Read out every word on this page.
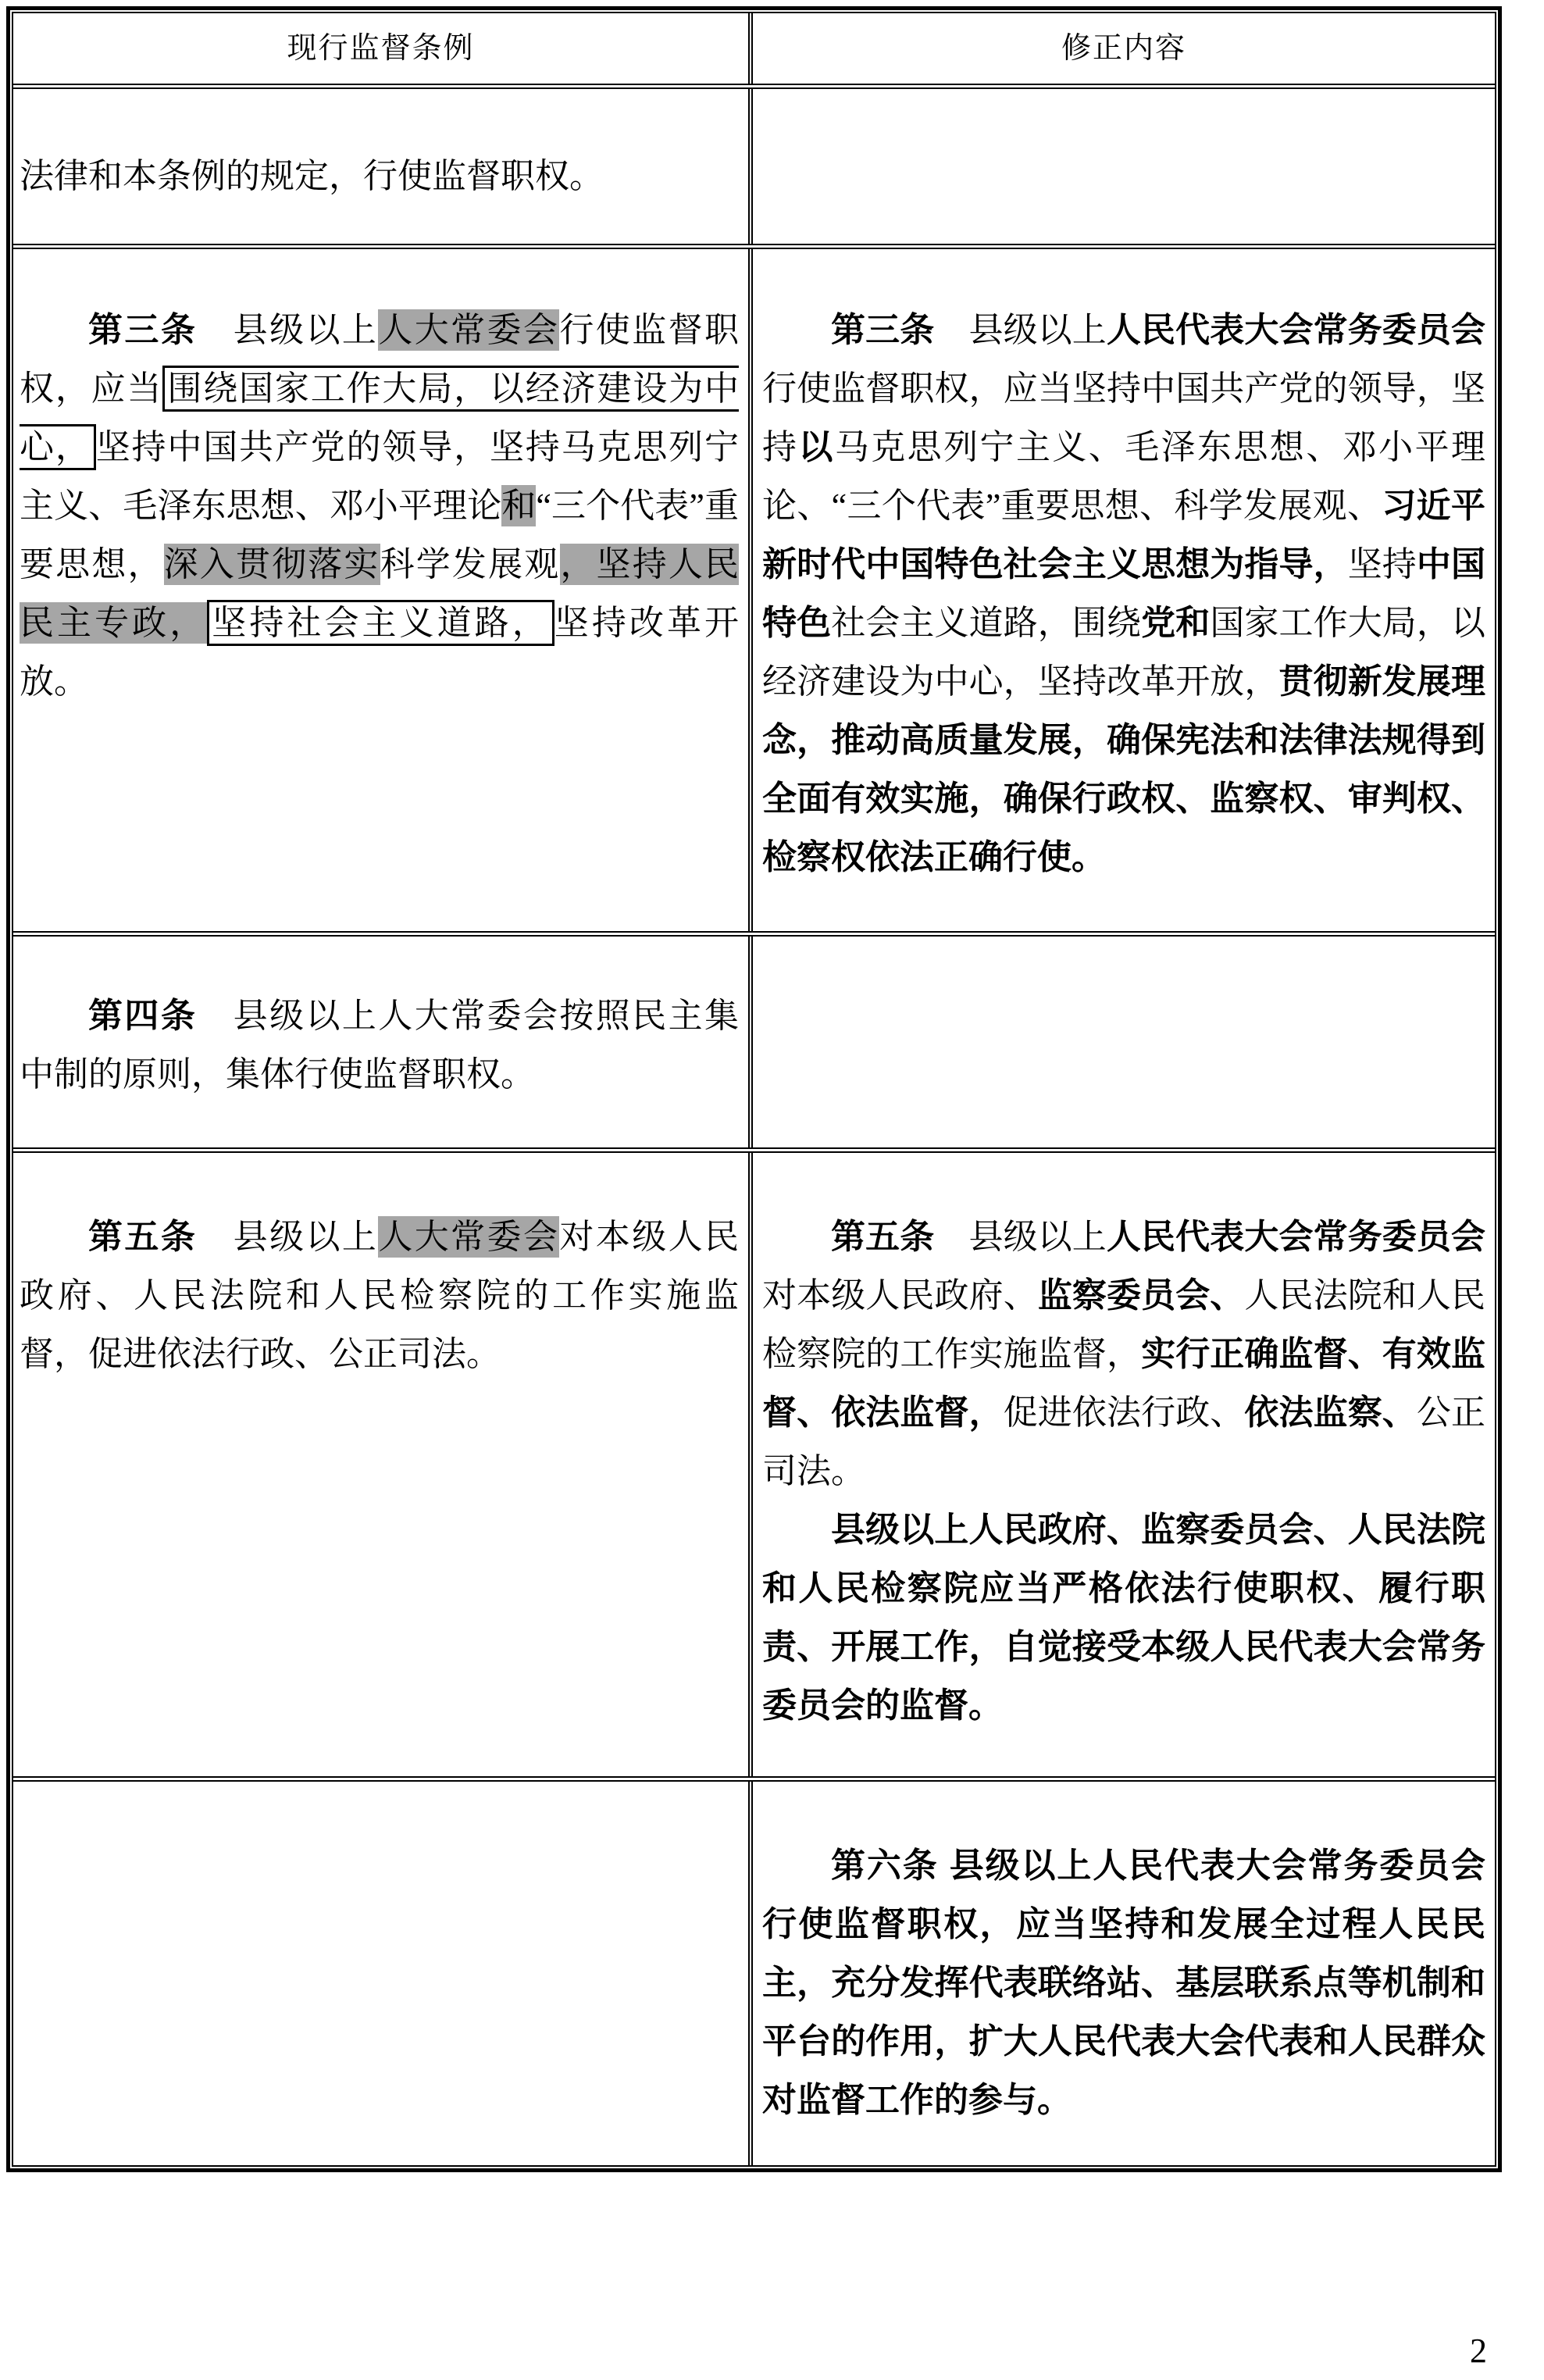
现行监督条例	修正内容

法律和本条例的规定，行使监督职权。

第三条　县级以上人大常委会行使监督职权，应当 围绕国家工作大局，以经济建设为中心， 坚持中国共产党的领导，坚持马克思列宁主义、毛泽东思想、邓小平理论和“三个代表”重要思想，深入贯彻落实科学发展观，坚持人民民主专政， 坚持社会主义道路， 坚持改革开放。

第三条　县级以上人民代表大会常务委员会行使监督职权，应当坚持中国共产党的领导，坚持以马克思列宁主义、毛泽东思想、邓小平理论、“三个代表”重要思想、科学发展观、习近平新时代中国特色社会主义思想为指导，坚持中国特色社会主义道路，围绕党和国家工作大局，以经济建设为中心，坚持改革开放，贯彻新发展理念，推动高质量发展，确保宪法和法律法规得到全面有效实施，确保行政权、监察权、审判权、检察权依法正确行使。

第四条　县级以上人大常委会按照民主集中制的原则，集体行使监督职权。

第五条　县级以上人大常委会对本级人民政府、人民法院和人民检察院的工作实施监督，促进依法行政、公正司法。

第五条　县级以上人民代表大会常务委员会对本级人民政府、监察委员会、人民法院和人民检察院的工作实施监督，实行正确监督、有效监督、依法监督，促进依法行政、依法监察、公正司法。

县级以上人民政府、监察委员会、人民法院和人民检察院应当严格依法行使职权、履行职责、开展工作，自觉接受本级人民代表大会常务委员会的监督。

第六条 县级以上人民代表大会常务委员会行使监督职权，应当坚持和发展全过程人民民主，充分发挥代表联络站、基层联系点等机制和平台的作用，扩大人民代表大会代表和人民群众对监督工作的参与。

2
